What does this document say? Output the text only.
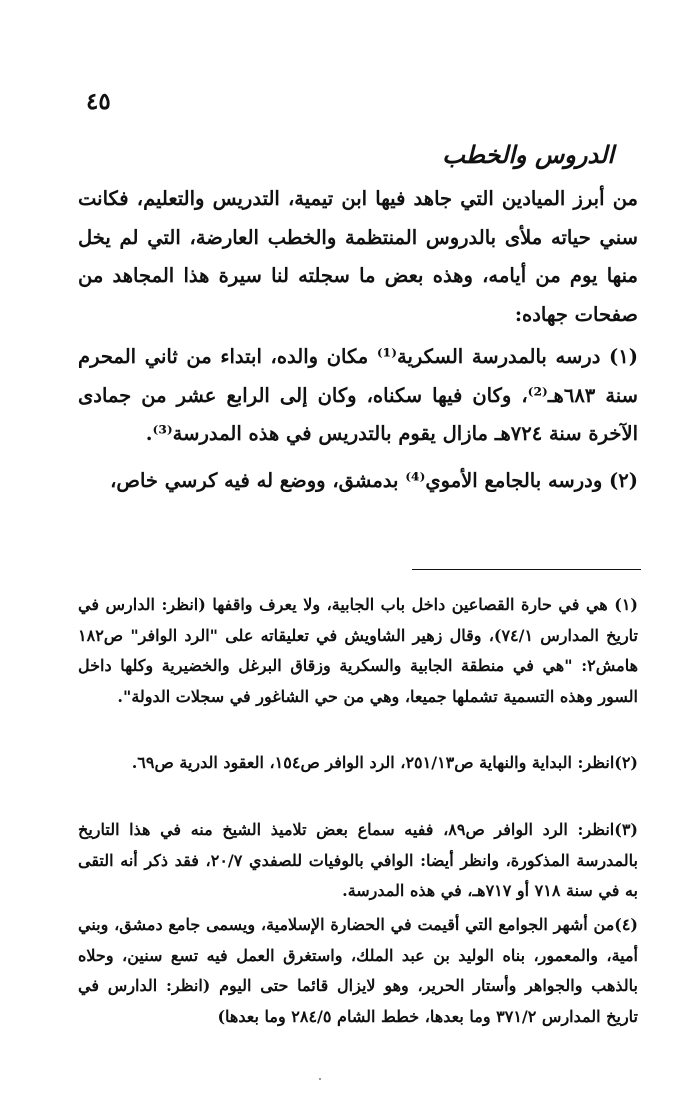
٤٥
الدروس والخطب

من أبرز الميادين التي جاهد فيها ابن تيمية، التدريس والتعليم، فكانت سني حياته ملأى بالدروس المنتظمة والخطب العارضة، التي لم يخل منها يوم من أيامه، وهذه بعض ما سجلته لنا سيرة هذا المجاهد من صفحات جهاده:

(١) درسه بالمدرسة السكرية⁽¹⁾ مكان والده، ابتداء من ثاني المحرم سنة ٦٨٣هـ⁽²⁾، وكان فيها سكناه، وكان إلى الرابع عشر من جمادى الآخرة سنة ٧٢٤هـ مازال يقوم بالتدريس في هذه المدرسة⁽³⁾.

(٢) ودرسه بالجامع الأموي⁽⁴⁾ بدمشق، ووضع له فيه كرسي خاص،

(١) هي في حارة القصاعين داخل باب الجابية، ولا يعرف واقفها (انظر: الدارس في تاريخ المدارس ٧٤/١)، وقال زهير الشاويش في تعليقاته على "الرد الوافر" ص١٨٢ هامش٢: "هي في منطقة الجابية والسكرية وزقاق البرغل والخضيرية وكلها داخل السور وهذه التسمية تشملها جميعا، وهي من حي الشاغور في سجلات الدولة".

(٢)انظر: البداية والنهاية ص٢٥١/١٣، الرد الوافر ص١٥٤، العقود الدرية ص٦٩.

(٣)انظر: الرد الوافر ص٨٩، ففيه سماع بعض تلاميذ الشيخ منه في هذا التاريخ بالمدرسة المذكورة، وانظر أيضا: الوافي بالوفيات للصفدي ٢٠/٧، فقد ذكر أنه التقى به في سنة ٧١٨ أو ٧١٧هـ، في هذه المدرسة.

(٤)من أشهر الجوامع التي أقيمت في الحضارة الإسلامية، ويسمى جامع دمشق، وبني أمية، والمعمور، بناه الوليد بن عبد الملك، واستغرق العمل فيه تسع سنين، وحلاه بالذهب والجواهر وأستار الحرير، وهو لايزال قائما حتى اليوم (انظر: الدارس في تاريخ المدارس ٣٧١/٢ وما بعدها، خطط الشام ٢٨٤/٥ وما بعدها)
